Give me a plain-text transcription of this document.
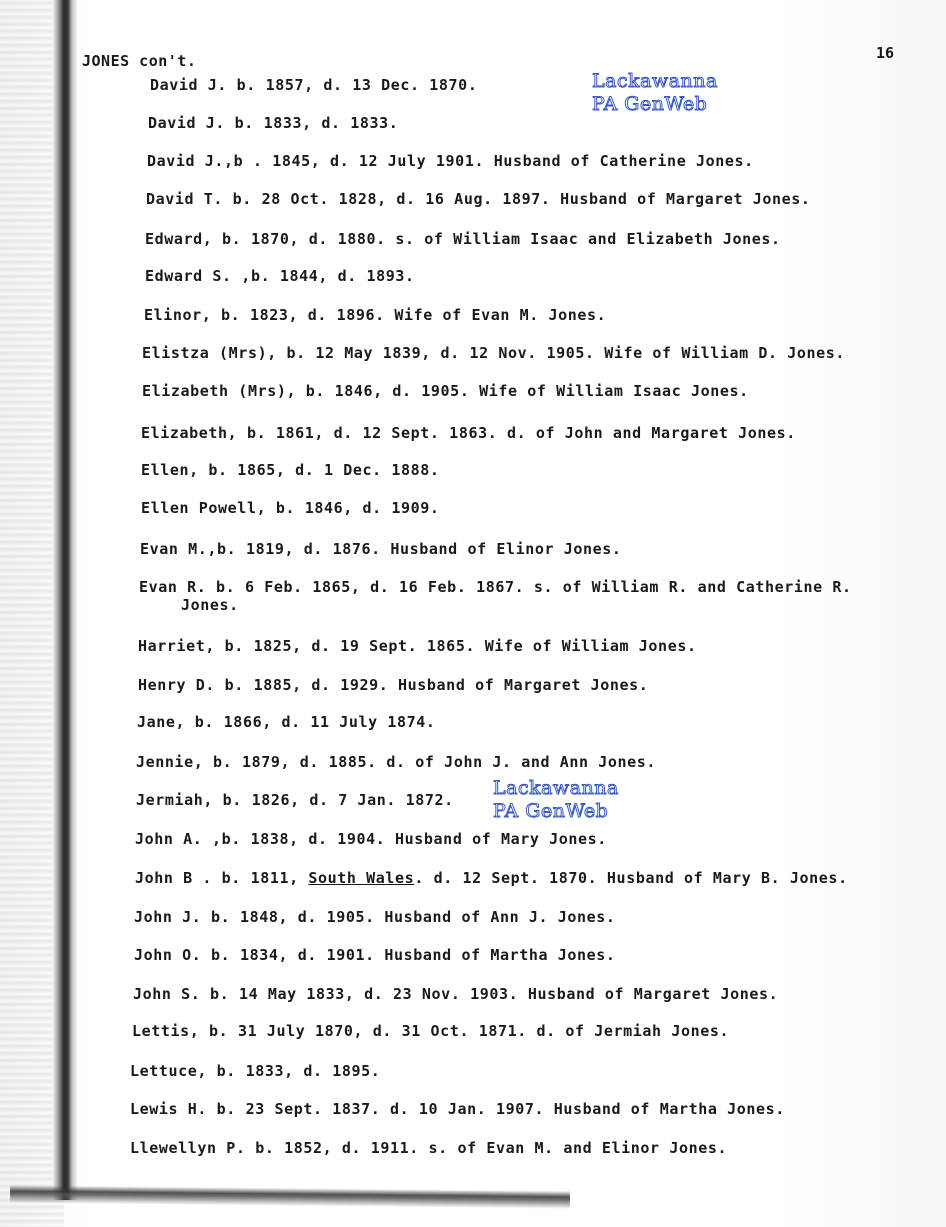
JONES con't.	16
Lackawanna
PA GenWeb
Lackawanna
PA GenWeb
David J. b. 1857, d. 13 Dec. 1870.
David J. b. 1833, d. 1833.
David J.,b . 1845, d. 12 July 1901. Husband of Catherine Jones.
David T. b. 28 Oct. 1828, d. 16 Aug. 1897. Husband of Margaret Jones.
Edward, b. 1870, d. 1880. s. of William Isaac and Elizabeth Jones.
Edward S. ,b. 1844, d. 1893.
Elinor, b. 1823, d. 1896. Wife of Evan M. Jones.
Elistza (Mrs), b. 12 May 1839, d. 12 Nov. 1905. Wife of William D. Jones.
Elizabeth (Mrs), b. 1846, d. 1905. Wife of William Isaac Jones.
Elizabeth, b. 1861, d. 12 Sept. 1863. d. of John and Margaret Jones.
Ellen, b. 1865, d. 1 Dec. 1888.
Ellen Powell, b. 1846, d. 1909.
Evan M.,b. 1819, d. 1876. Husband of Elinor Jones.
Evan R. b. 6 Feb. 1865, d. 16 Feb. 1867. s. of William R. and Catherine R.
Jones.
Harriet, b. 1825, d. 19 Sept. 1865. Wife of William Jones.
Henry D. b. 1885, d. 1929. Husband of Margaret Jones.
Jane, b. 1866, d. 11 July 1874.
Jennie, b. 1879, d. 1885. d. of John J. and Ann Jones.
Jermiah, b. 1826, d. 7 Jan. 1872.
John A. ,b. 1838, d. 1904. Husband of Mary Jones.
John B . b. 1811, South Wales. d. 12 Sept. 1870. Husband of Mary B. Jones.
John J. b. 1848, d. 1905. Husband of Ann J. Jones.
John O. b. 1834, d. 1901. Husband of Martha Jones.
John S. b. 14 May 1833, d. 23 Nov. 1903. Husband of Margaret Jones.
Lettis, b. 31 July 1870, d. 31 Oct. 1871. d. of Jermiah Jones.
Lettuce, b. 1833, d. 1895.
Lewis H. b. 23 Sept. 1837. d. 10 Jan. 1907. Husband of Martha Jones.
Llewellyn P. b. 1852, d. 1911. s. of Evan M. and Elinor Jones.
